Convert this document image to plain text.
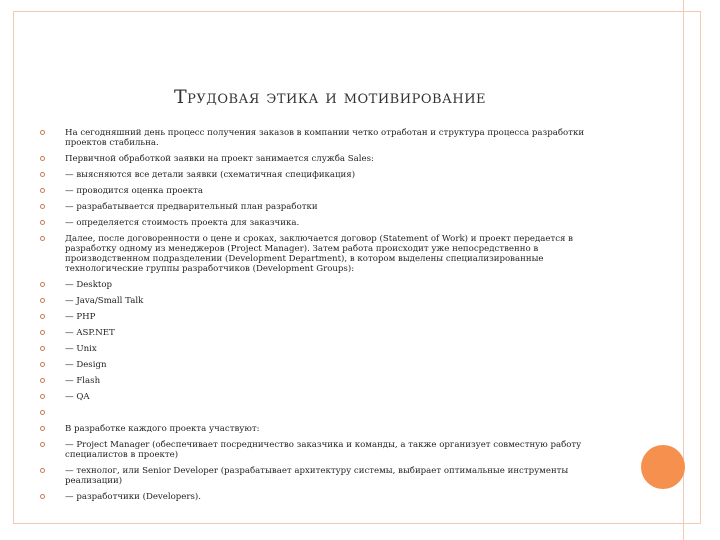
Трудовая этика и мотивирование
На сегодняшний день процесс получения заказов в компании четко отработан и структура процесса разработки проектов стабильна.
Первичной обработкой заявки на проект занимается служба Sales:
— выясняются все детали заявки (схематичная спецификация)
— проводится оценка проекта
— разрабатывается предварительный план разработки
— определяется стоимость проекта для заказчика.
Далее, после договоренности о цене и сроках, заключается договор (Statement of Work) и проект передается в разработку одному из менеджеров (Project Manager). Затем работа происходит уже непосредственно в производственном подразделении (Development Department), в котором выделены специализированные технологические группы разработчиков (Development Groups):
— Desktop
— Java/Small Talk
— PHP
— ASP.NET
— Unix
— Design
— Flash
— QA
В разработке каждого проекта участвуют:
— Project Manager (обеспечивает посредничество заказчика и команды, а также организует совместную работу специалистов в проекте)
— технолог, или Senior Developer (разрабатывает архитектуру системы, выбирает оптимальные инструменты реализации)
— разработчики (Developers).
